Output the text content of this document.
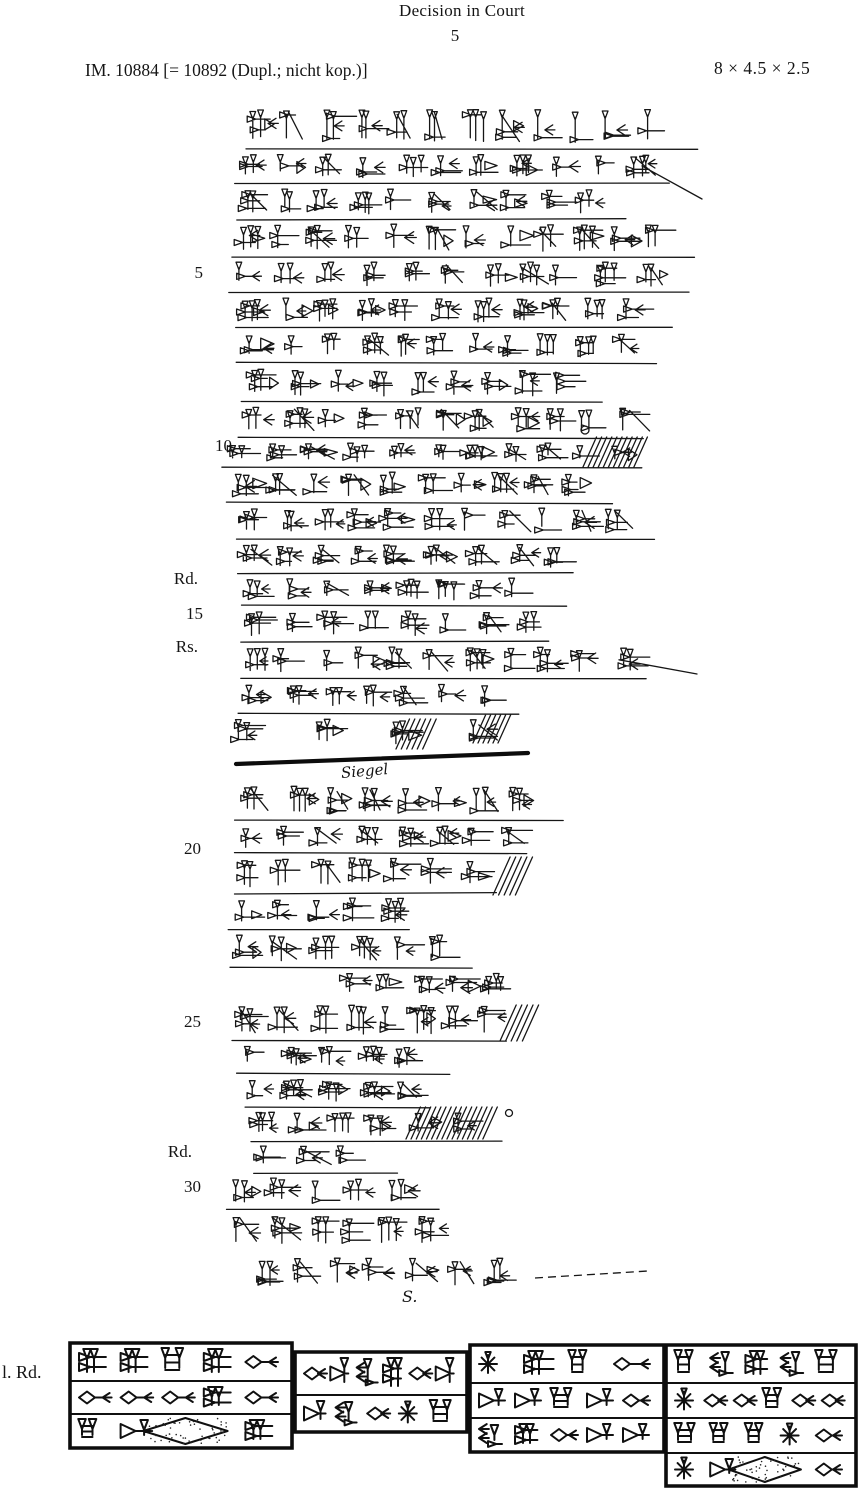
Decision in Court
5
IM. 10884 [= 10892 (Dupl.; nicht kop.)]	8 × 4.5 × 2.5
5
10
Rd.
15
Rs.
20
25
Rd.
30
Siegel
S.
l. Rd.
